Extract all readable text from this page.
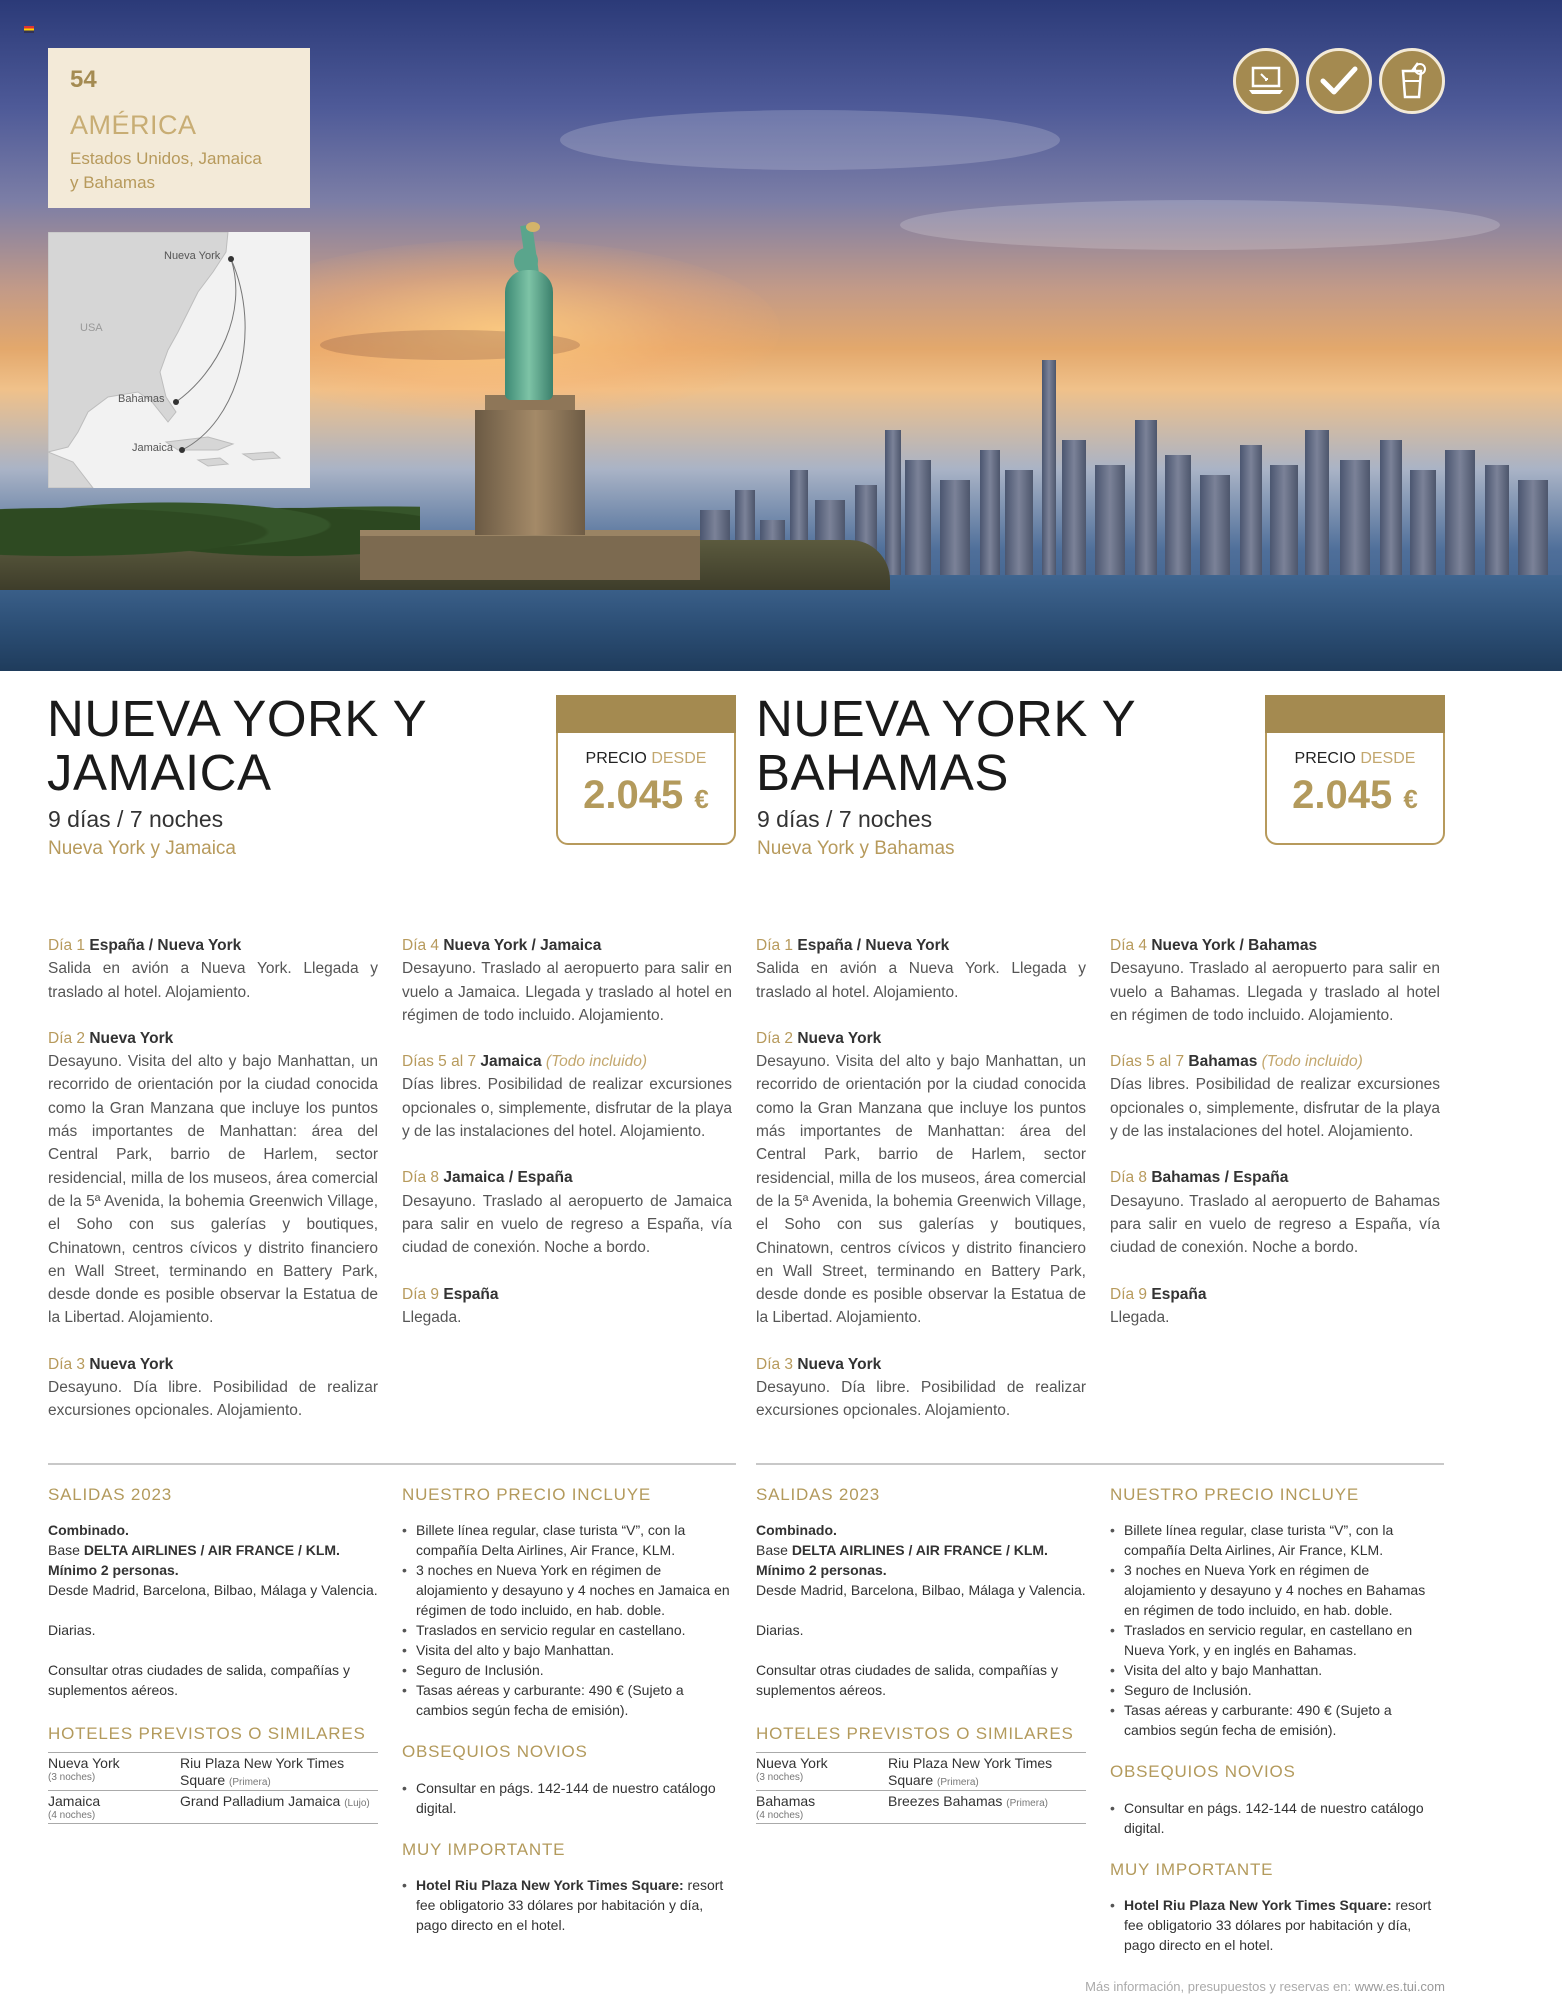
54
AMÉRICA
Estados Unidos, Jamaica
y Bahamas
Nueva York
USA
Bahamas
Jamaica
NUEVA YORK Y
JAMAICA
9 días / 7 noches
Nueva York y Jamaica
PRECIO DESDE
2.045 €
NUEVA YORK Y
BAHAMAS
9 días / 7 noches
Nueva York y Bahamas
PRECIO DESDE
2.045 €
Día 1 España / Nueva York
Salida en avión a Nueva York. Llegada y traslado al hotel. Alojamiento.
Día 2 Nueva York
Desayuno. Visita del alto y bajo Manhattan, un recorrido de orientación por la ciudad conocida como la Gran Manzana que incluye los puntos más importantes de Manhattan: área del Central Park, barrio de Harlem, sector residencial, milla de los museos, área comercial de la 5ª Avenida, la bohemia Greenwich Village, el Soho con sus galerías y boutiques, Chinatown, centros cívicos y distrito financiero en Wall Street, terminando en Battery Park, desde donde es posible observar la Estatua de la Libertad. Alojamiento.
Día 3 Nueva York
Desayuno. Día libre. Posibilidad de realizar excursiones opcionales. Alojamiento.
Día 4 Nueva York / Jamaica
Desayuno. Traslado al aeropuerto para salir en vuelo a Jamaica. Llegada y traslado al hotel en régimen de todo incluido. Alojamiento.
Días 5 al 7 Jamaica (Todo incluido)
Días libres. Posibilidad de realizar excursiones opcionales o, simplemente, disfrutar de la playa y de las instalaciones del hotel. Alojamiento.
Día 8 Jamaica / España
Desayuno. Traslado al aeropuerto de Jamaica para salir en vuelo de regreso a España, vía ciudad de conexión. Noche a bordo.
Día 9 España
Llegada.
Día 1 España / Nueva York
Salida en avión a Nueva York. Llegada y traslado al hotel. Alojamiento.
Día 2 Nueva York
Desayuno. Visita del alto y bajo Manhattan, un recorrido de orientación por la ciudad conocida como la Gran Manzana que incluye los puntos más importantes de Manhattan: área del Central Park, barrio de Harlem, sector residencial, milla de los museos, área comercial de la 5ª Avenida, la bohemia Greenwich Village, el Soho con sus galerías y boutiques, Chinatown, centros cívicos y distrito financiero en Wall Street, terminando en Battery Park, desde donde es posible observar la Estatua de la Libertad. Alojamiento.
Día 3 Nueva York
Desayuno. Día libre. Posibilidad de realizar excursiones opcionales. Alojamiento.
Día 4 Nueva York / Bahamas
Desayuno. Traslado al aeropuerto para salir en vuelo a Bahamas. Llegada y traslado al hotel en régimen de todo incluido. Alojamiento.
Días 5 al 7 Bahamas (Todo incluido)
Días libres. Posibilidad de realizar excursiones opcionales o, simplemente, disfrutar de la playa y de las instalaciones del hotel. Alojamiento.
Día 8 Bahamas / España
Desayuno. Traslado al aeropuerto de Bahamas para salir en vuelo de regreso a España, vía ciudad de conexión. Noche a bordo.
Día 9 España
Llegada.
SALIDAS 2023

Combinado.

Base DELTA AIRLINES / AIR FRANCE / KLM.

Mínimo 2 personas.

Desde Madrid, Barcelona, Bilbao, Málaga y Valencia.

Diarias.

Consultar otras ciudades de salida, compañías y suplementos aéreos.

HOTELES PREVISTOS O SIMILARES
Nueva York
(3 noches)	Riu Plaza New York Times Square (Primera)
Jamaica
(4 noches)	Grand Palladium Jamaica (Lujo)
NUESTRO PRECIO INCLUYE
• Billete línea regular, clase turista “V”, con la compañía Delta Airlines, Air France, KLM.
• 3 noches en Nueva York en régimen de alojamiento y desayuno y 4 noches en Jamaica en régimen de todo incluido, en hab. doble.
• Traslados en servicio regular en castellano.
• Visita del alto y bajo Manhattan.
• Seguro de Inclusión.
• Tasas aéreas y carburante: 490 € (Sujeto a cambios según fecha de emisión).
OBSEQUIOS NOVIOS
• Consultar en págs. 142-144 de nuestro catálogo digital.
MUY IMPORTANTE
• Hotel Riu Plaza New York Times Square: resort fee obligatorio 33 dólares por habitación y día, pago directo en el hotel.
SALIDAS 2023

Combinado.

Base DELTA AIRLINES / AIR FRANCE / KLM.

Mínimo 2 personas.

Desde Madrid, Barcelona, Bilbao, Málaga y Valencia.

Diarias.

Consultar otras ciudades de salida, compañías y suplementos aéreos.

HOTELES PREVISTOS O SIMILARES
Nueva York
(3 noches)	Riu Plaza New York Times Square (Primera)
Bahamas
(4 noches)	Breezes Bahamas (Primera)
NUESTRO PRECIO INCLUYE
• Billete línea regular, clase turista “V”, con la compañía Delta Airlines, Air France, KLM.
• 3 noches en Nueva York en régimen de alojamiento y desayuno y 4 noches en Bahamas en régimen de todo incluido, en hab. doble.
• Traslados en servicio regular, en castellano en Nueva York, y en inglés en Bahamas.
• Visita del alto y bajo Manhattan.
• Seguro de Inclusión.
• Tasas aéreas y carburante: 490 € (Sujeto a cambios según fecha de emisión).
OBSEQUIOS NOVIOS
• Consultar en págs. 142-144 de nuestro catálogo digital.
MUY IMPORTANTE
• Hotel Riu Plaza New York Times Square: resort fee obligatorio 33 dólares por habitación y día, pago directo en el hotel.
Más información, presupuestos y reservas en: www.es.tui.com
